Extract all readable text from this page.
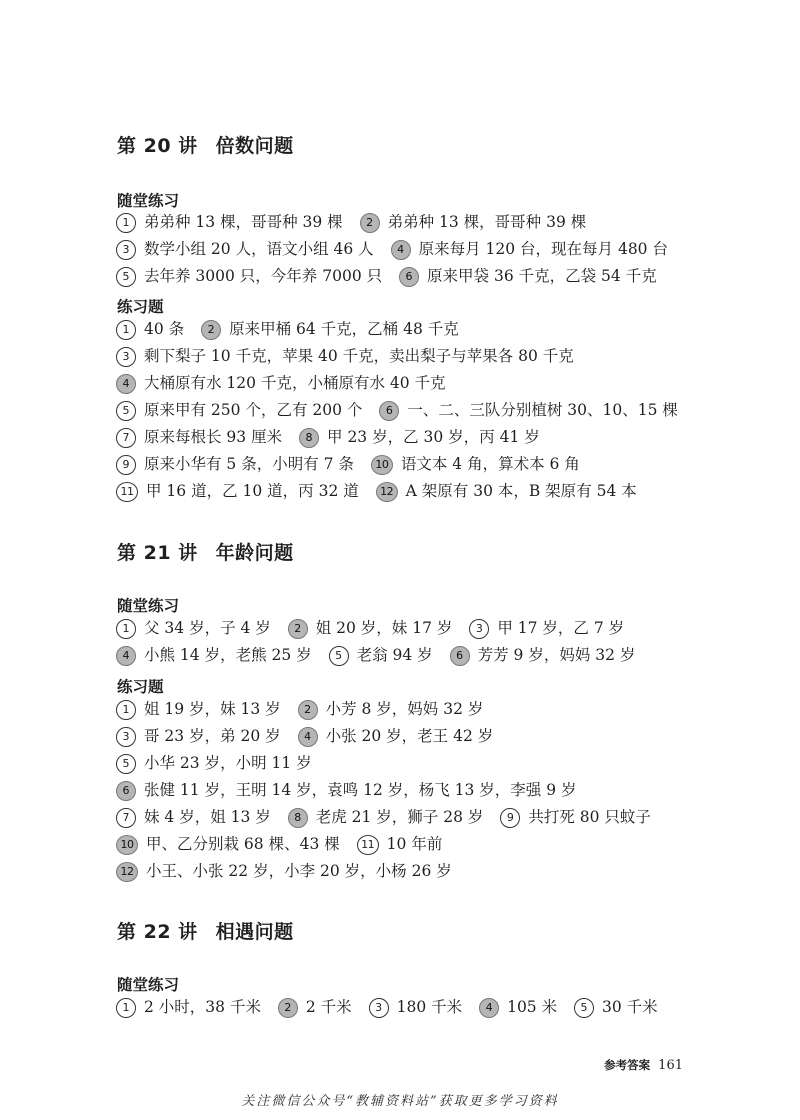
第 20 讲 倍数问题
随堂练习
1 弟弟种 13 棵，哥哥种 39 棵 2 弟弟种 13 棵，哥哥种 39 棵
3 数学小组 20 人，语文小组 46 人 4 原来每月 120 台，现在每月 480 台
5 去年养 3000 只，今年养 7000 只 6 原来甲袋 36 千克，乙袋 54 千克
练习题
1 40 条 2 原来甲桶 64 千克，乙桶 48 千克
3 剩下梨子 10 千克，苹果 40 千克，卖出梨子与苹果各 80 千克
4 大桶原有水 120 千克，小桶原有水 40 千克
5 原来甲有 250 个，乙有 200 个 6 一、二、三队分别植树 30、10、15 棵
7 原来每根长 93 厘米 8 甲 23 岁，乙 30 岁，丙 41 岁
9 原来小华有 5 条，小明有 7 条 10 语文本 4 角，算术本 6 角
11 甲 16 道，乙 10 道，丙 32 道 12 A 架原有 30 本，B 架原有 54 本
第 21 讲 年龄问题
随堂练习
1 父 34 岁，子 4 岁 2 姐 20 岁，妹 17 岁 3 甲 17 岁，乙 7 岁
4 小熊 14 岁，老熊 25 岁 5 老翁 94 岁 6 芳芳 9 岁，妈妈 32 岁
练习题
1 姐 19 岁，妹 13 岁 2 小芳 8 岁，妈妈 32 岁
3 哥 23 岁，弟 20 岁 4 小张 20 岁，老王 42 岁
5 小华 23 岁，小明 11 岁
6 张健 11 岁，王明 14 岁，袁鸣 12 岁，杨飞 13 岁，李强 9 岁
7 妹 4 岁，姐 13 岁 8 老虎 21 岁，狮子 28 岁 9 共打死 80 只蚊子
10 甲、乙分别栽 68 棵、43 棵 11 10 年前
12 小王、小张 22 岁，小李 20 岁，小杨 26 岁
第 22 讲 相遇问题
随堂练习
1 2 小时，38 千米 2 2 千米 3 180 千米 4 105 米 5 30 千米
参考答案 161
关注微信公众号“教辅资料站”获取更多学习资料
